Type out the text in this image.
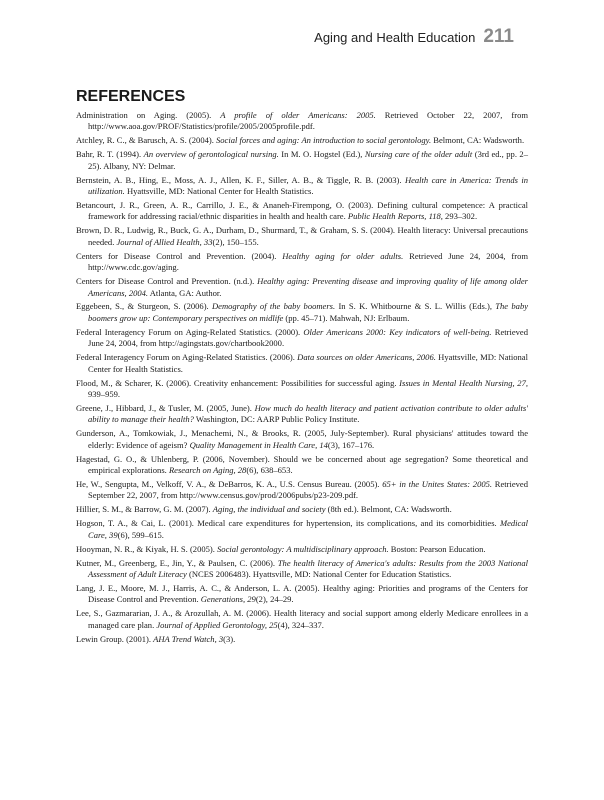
Aging and Health Education 211
REFERENCES

Administration on Aging. (2005). A profile of older Americans: 2005. Retrieved October 22, 2007, from http://www.aoa.gov/PROF/Statistics/profile/2005/2005profile.pdf.

Atchley, R. C., & Barusch, A. S. (2004). Social forces and aging: An introduction to social gerontology. Belmont, CA: Wadsworth.

Bahr, R. T. (1994). An overview of gerontological nursing. In M. O. Hogstel (Ed.), Nursing care of the older adult (3rd ed., pp. 2–25). Albany, NY: Delmar.

Bernstein, A. B., Hing, E., Moss, A. J., Allen, K. F., Siller, A. B., & Tiggle, R. B. (2003). Health care in America: Trends in utilization. Hyattsville, MD: National Center for Health Statistics.

Betancourt, J. R., Green, A. R., Carrillo, J. E., & Ananeh-Firempong, O. (2003). Defining cultural competence: A practical framework for addressing racial/ethnic disparities in health and health care. Public Health Reports, 118, 293–302.

Brown, D. R., Ludwig, R., Buck, G. A., Durham, D., Shurmard, T., & Graham, S. S. (2004). Health literacy: Universal precautions needed. Journal of Allied Health, 33(2), 150–155.

Centers for Disease Control and Prevention. (2004). Healthy aging for older adults. Retrieved June 24, 2004, from http://www.cdc.gov/aging.

Centers for Disease Control and Prevention. (n.d.). Healthy aging: Preventing disease and improving quality of life among older Americans, 2004. Atlanta, GA: Author.

Eggebeen, S., & Sturgeon, S. (2006). Demography of the baby boomers. In S. K. Whitbourne & S. L. Willis (Eds.), The baby boomers grow up: Contemporary perspectives on midlife (pp. 45–71). Mahwah, NJ: Erlbaum.

Federal Interagency Forum on Aging-Related Statistics. (2000). Older Americans 2000: Key indicators of well-being. Retrieved June 24, 2004, from http://agingstats.gov/chartbook2000.

Federal Interagency Forum on Aging-Related Statistics. (2006). Data sources on older Americans, 2006. Hyattsville, MD: National Center for Health Statistics.

Flood, M., & Scharer, K. (2006). Creativity enhancement: Possibilities for successful aging. Issues in Mental Health Nursing, 27, 939–959.

Greene, J., Hibbard, J., & Tusler, M. (2005, June). How much do health literacy and patient activation contribute to older adults' ability to manage their health? Washington, DC: AARP Public Policy Institute.

Gunderson, A., Tomkowiak, J., Menachemi, N., & Brooks, R. (2005, July-September). Rural physicians' attitudes toward the elderly: Evidence of ageism? Quality Management in Health Care, 14(3), 167–176.

Hagestad, G. O., & Uhlenberg, P. (2006, November). Should we be concerned about age segregation? Some theoretical and empirical explorations. Research on Aging, 28(6), 638–653.

He, W., Sengupta, M., Velkoff, V. A., & DeBarros, K. A., U.S. Census Bureau. (2005). 65+ in the Unites States: 2005. Retrieved September 22, 2007, from http://www.census.gov/prod/2006pubs/p23-209.pdf.

Hillier, S. M., & Barrow, G. M. (2007). Aging, the individual and society (8th ed.). Belmont, CA: Wadsworth.

Hogson, T. A., & Cai, L. (2001). Medical care expenditures for hypertension, its complications, and its comorbidities. Medical Care, 39(6), 599–615.

Hooyman, N. R., & Kiyak, H. S. (2005). Social gerontology: A multidisciplinary approach. Boston: Pearson Education.

Kutner, M., Greenberg, E., Jin, Y., & Paulsen, C. (2006). The health literacy of America's adults: Results from the 2003 National Assessment of Adult Literacy (NCES 2006483). Hyattsville, MD: National Center for Education Statistics.

Lang, J. E., Moore, M. J., Harris, A. C., & Anderson, L. A. (2005). Healthy aging: Priorities and programs of the Centers for Disease Control and Prevention. Generations, 29(2), 24–29.

Lee, S., Gazmararian, J. A., & Arozullah, A. M. (2006). Health literacy and social support among elderly Medicare enrollees in a managed care plan. Journal of Applied Gerontology, 25(4), 324–337.

Lewin Group. (2001). AHA Trend Watch, 3(3).
